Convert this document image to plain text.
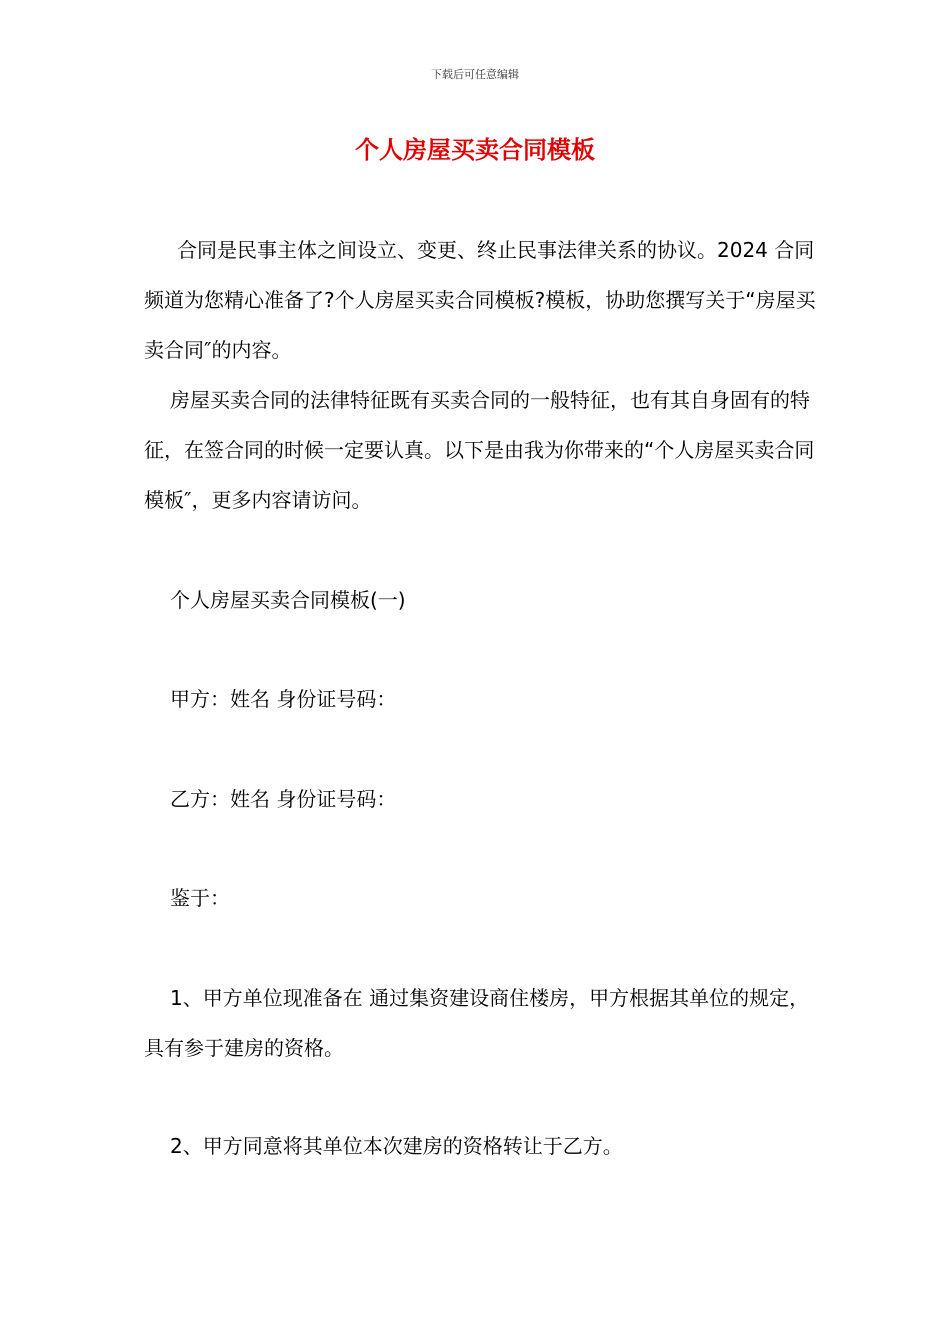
下载后可任意编辑
个人房屋买卖合同模板

合同是民事主体之间设立、变更、终止民事法律关系的协议。2024 合同频道为您精心准备了?个人房屋买卖合同模板?模板，协助您撰写关于“房屋买卖合同″的内容。

房屋买卖合同的法律特征既有买卖合同的一般特征，也有其自身固有的特征，在签合同的时候一定要认真。以下是由我为你带来的“个人房屋买卖合同模板″，更多内容请访问。

个人房屋买卖合同模板(一)

甲方：姓名 身份证号码：

乙方：姓名 身份证号码：

鉴于：

1、甲方单位现准备在 通过集资建设商住楼房，甲方根据其单位的规定，具有参于建房的资格。

2、甲方同意将其单位本次建房的资格转让于乙方。
